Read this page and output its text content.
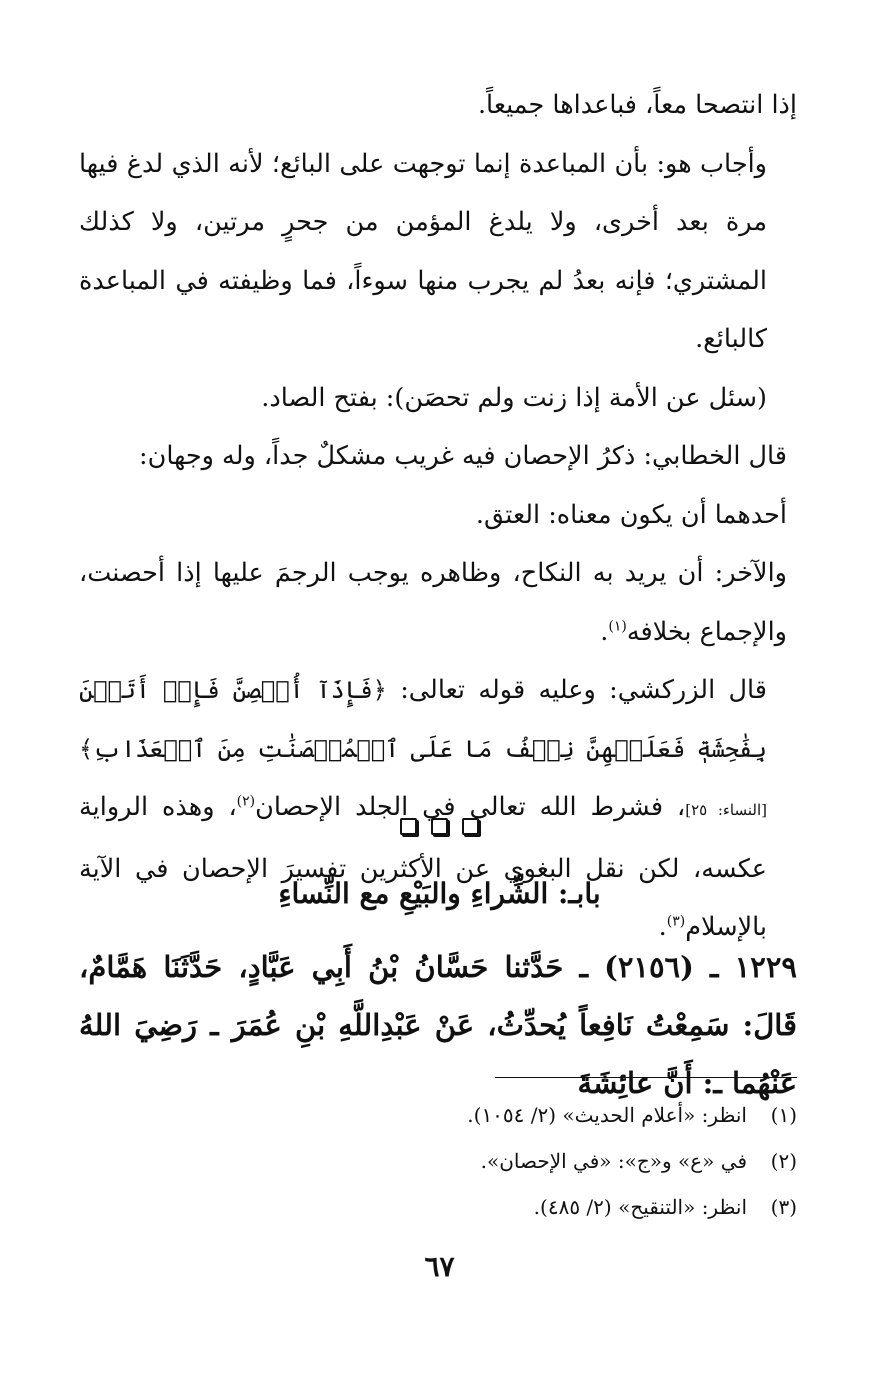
إذا انتصحا معاً، فباعداها جميعاً.

وأجاب هو: بأن المباعدة إنما توجهت على البائع؛ لأنه الذي لدغ فيها مرة بعد أخرى، ولا يلدغ المؤمن من جحرٍ مرتين، ولا كذلك المشتري؛ فإنه بعدُ لم يجرب منها سوءاً، فما وظيفته في المباعدة كالبائع.

(سئل عن الأمة إذا زنت ولم تحصَن): بفتح الصاد.

قال الخطابي: ذكرُ الإحصان فيه غريب مشكلٌ جداً، وله وجهان:

أحدهما أن يكون معناه: العتق.

والآخر: أن يريد به النكاح، وظاهره يوجب الرجمَ عليها إذا أحصنت، والإجماع بخلافه$^{(١)}$.

قال الزركشي: وعليه قوله تعالى: ﴿فَإِذَآ أُحۡصِنَّ فَإِنۡ أَتَيۡنَ بِفَٰحِشَةٖ فَعَلَيۡهِنَّ نِصۡفُ مَا عَلَى ٱلۡمُحۡصَنَٰتِ مِنَ ٱلۡعَذَابِ﴾[النساء: ٢٥]، فشرط الله تعالى في الجلد الإحصان$^{(٢)}$، وهذه الرواية عكسه، لكن نقل البغوي عن الأكثرين تفسيرَ الإحصان في الآية بالإسلام$^{(٣)}$.

بابـ: الشِّراءِ والبَيْعِ مع النِّساءِ
١٢٢٩ ـ (٢١٥٦) ـ حَدَّثنا حَسَّانُ بْنُ أَبِي عَبَّادٍ، حَدَّثَنَا هَمَّامٌ، قَالَ: سَمِعْتُ نَافِعاً يُحدِّثُ، عَنْ عَبْدِاللَّهِ بْنِ عُمَرَ ـ رَضِيَ اللهُ عَنْهُما ـ: أَنَّ عائِشَةَ
(١)
انظر: «أعلام الحديث» (٢/ ١٠٥٤).
(٢)
في «ع» و«ج»: «في الإحصان».
(٣)
انظر: «التنقيح» (٢/ ٤٨٥).
٦٧
